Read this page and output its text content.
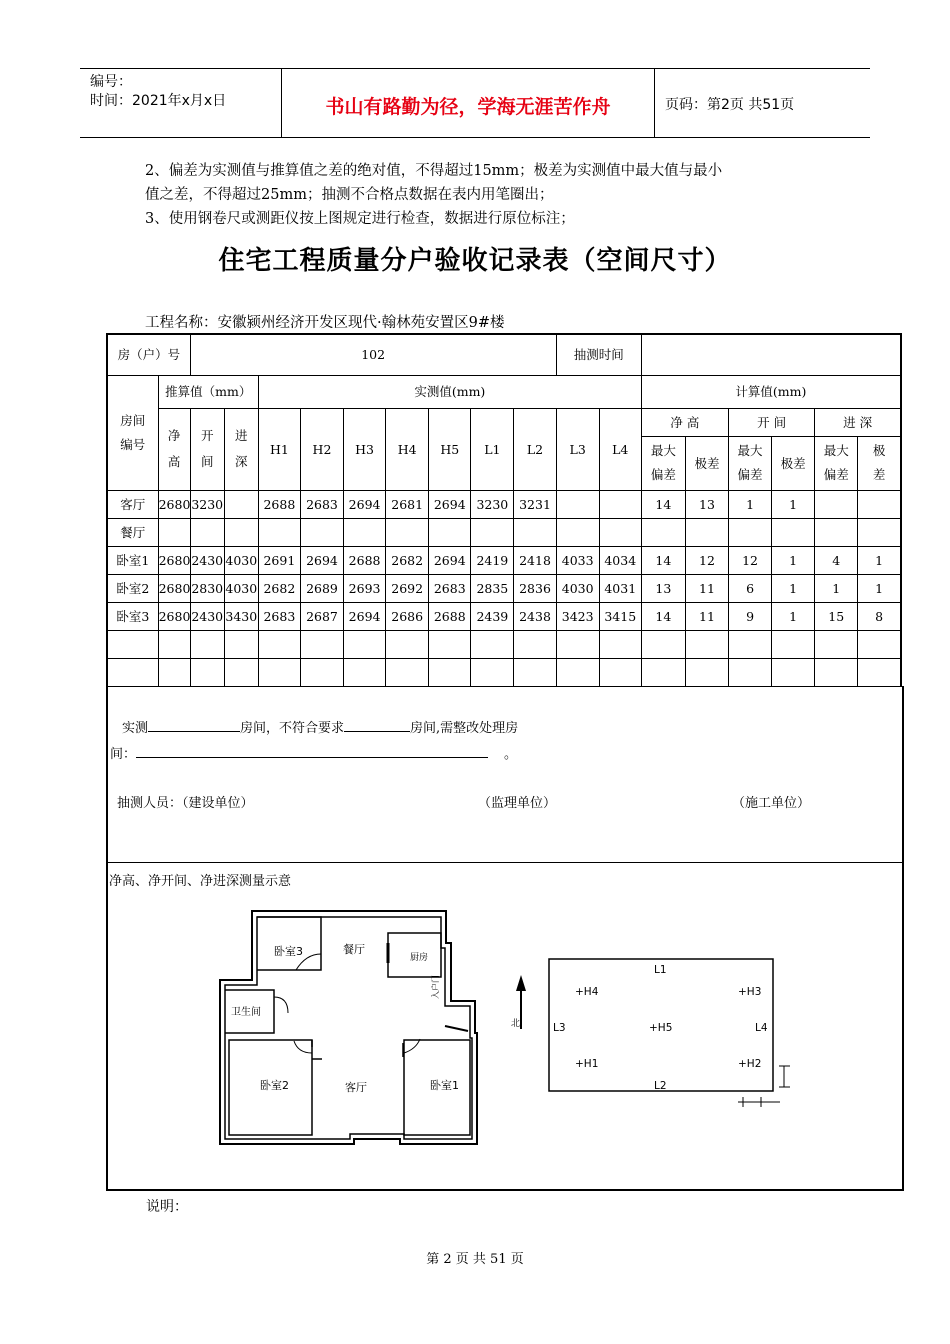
编号：
时间：2021年x月x日	书山有路勤为径，学海无涯苦作舟	页码：第2页 共51页
2、偏差为实测值与推算值之差的绝对值，不得超过15mm；极差为实测值中最大值与最小
值之差，不得超过25mm；抽测不合格点数据在表内用笔圈出；
3、使用钢卷尺或测距仪按上图规定进行检查，数据进行原位标注；
住宅工程质量分户验收记录表（空间尺寸）
工程名称：安徽颍州经济开发区现代·翰林苑安置区9#楼
房（户）号		102									抽测时间							
房间编号	推算值（mm）			实测值(mm)									计算值(mm)					
	净高	开间	进深	H1	H2	H3	H4	H5	L1	L2	L3	L4	净 高		开 间		进 深	
													最大偏差	极差	最大偏差	极差	最大偏差	极差
客厅	2680	3230		2688	2683	2694	2681	2694	3230	3231			14	13	1	1		
餐厅																		
卧室1	2680	2430	4030	2691	2694	2688	2682	2694	2419	2418	4033	4034	14	12	12	1	4	1
卧室2	2680	2830	4030	2682	2689	2693	2692	2683	2835	2836	4030	4031	13	11	6	1	1	1
卧室3	2680	2430	3430	2683	2687	2694	2686	2688	2439	2438	3423	3415	14	11	9	1	15	8

实测	房间，不符合要求	房间,需整改处理房
间：	。
抽测人员：（建设单位）	（监理单位）	（施工单位）
净高、净开间、净进深测量示意
卧室3	餐厅
厨房
卫生间
卧室2	客厅	卧室1
入户门
北
+H4	+H3
+H5
+H1	+H2
L1
L2
L3	L4
说明：
第 2 页 共 51 页
